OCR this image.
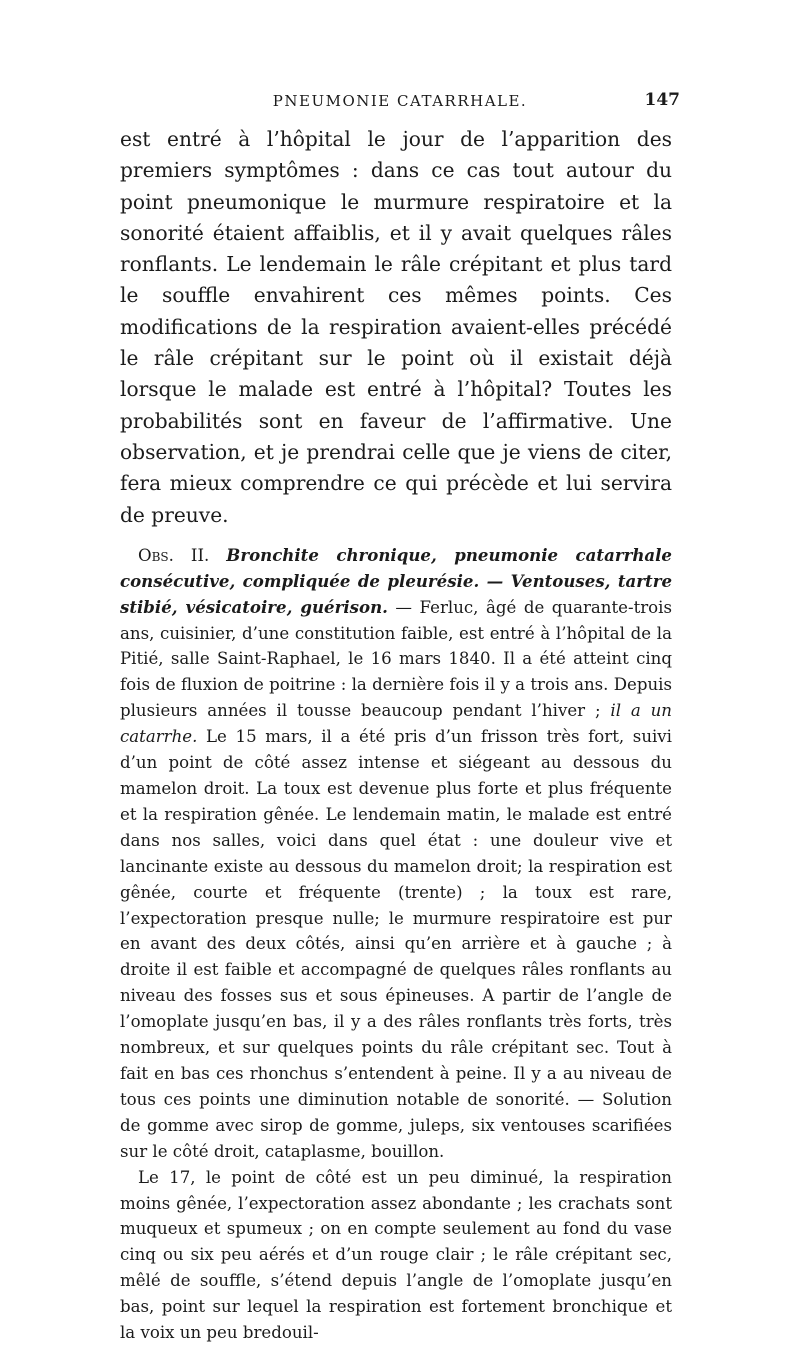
PNEUMONIE CATARRHALE.	147

est entré à l’hôpital le jour de l’apparition des premiers symptômes : dans ce cas tout autour du point pneumonique le murmure respiratoire et la sonorité étaient affaiblis, et il y avait quelques râles ronflants. Le lendemain le râle crépitant et plus tard le souffle envahirent ces mêmes points. Ces modifications de la respiration avaient-elles précédé le râle crépitant sur le point où il existait déjà lorsque le malade est entré à l’hôpital? Toutes les probabilités sont en faveur de l’affirmative. Une observation, et je prendrai celle que je viens de citer, fera mieux comprendre ce qui précède et lui servira de preuve.

Obs. II. Bronchite chronique, pneumonie catarrhale consécutive, compliquée de pleurésie. — Ventouses, tartre stibié, vésicatoire, guérison. — Ferluc, âgé de quarante-trois ans, cuisinier, d’une constitution faible, est entré à l’hôpital de la Pitié, salle Saint-Raphael, le 16 mars 1840. Il a été atteint cinq fois de fluxion de poitrine : la dernière fois il y a trois ans. Depuis plusieurs années il tousse beaucoup pendant l’hiver ; il a un catarrhe. Le 15 mars, il a été pris d’un frisson très fort, suivi d’un point de côté assez intense et siégeant au dessous du mamelon droit. La toux est devenue plus forte et plus fréquente et la respiration gênée. Le lendemain matin, le malade est entré dans nos salles, voici dans quel état : une douleur vive et lancinante existe au dessous du mamelon droit; la respiration est gênée, courte et fréquente (trente) ; la toux est rare, l’expectoration presque nulle; le murmure respiratoire est pur en avant des deux côtés, ainsi qu’en arrière et à gauche ; à droite il est faible et accompagné de quelques râles ronflants au niveau des fosses sus et sous épineuses. A partir de l’angle de l’omoplate jusqu’en bas, il y a des râles ronflants très forts, très nombreux, et sur quelques points du râle crépitant sec. Tout à fait en bas ces rhonchus s’entendent à peine. Il y a au niveau de tous ces points une diminution notable de sonorité. — Solution de gomme avec sirop de gomme, juleps, six ventouses scarifiées sur le côté droit, cataplasme, bouillon.

Le 17, le point de côté est un peu diminué, la respiration moins gênée, l’expectoration assez abondante ; les crachats sont muqueux et spumeux ; on en compte seulement au fond du vase cinq ou six peu aérés et d’un rouge clair ; le râle crépitant sec, mêlé de souffle, s’étend depuis l’angle de l’omoplate jusqu’en bas, point sur lequel la respiration est fortement bronchique et la voix un peu bredouil-
